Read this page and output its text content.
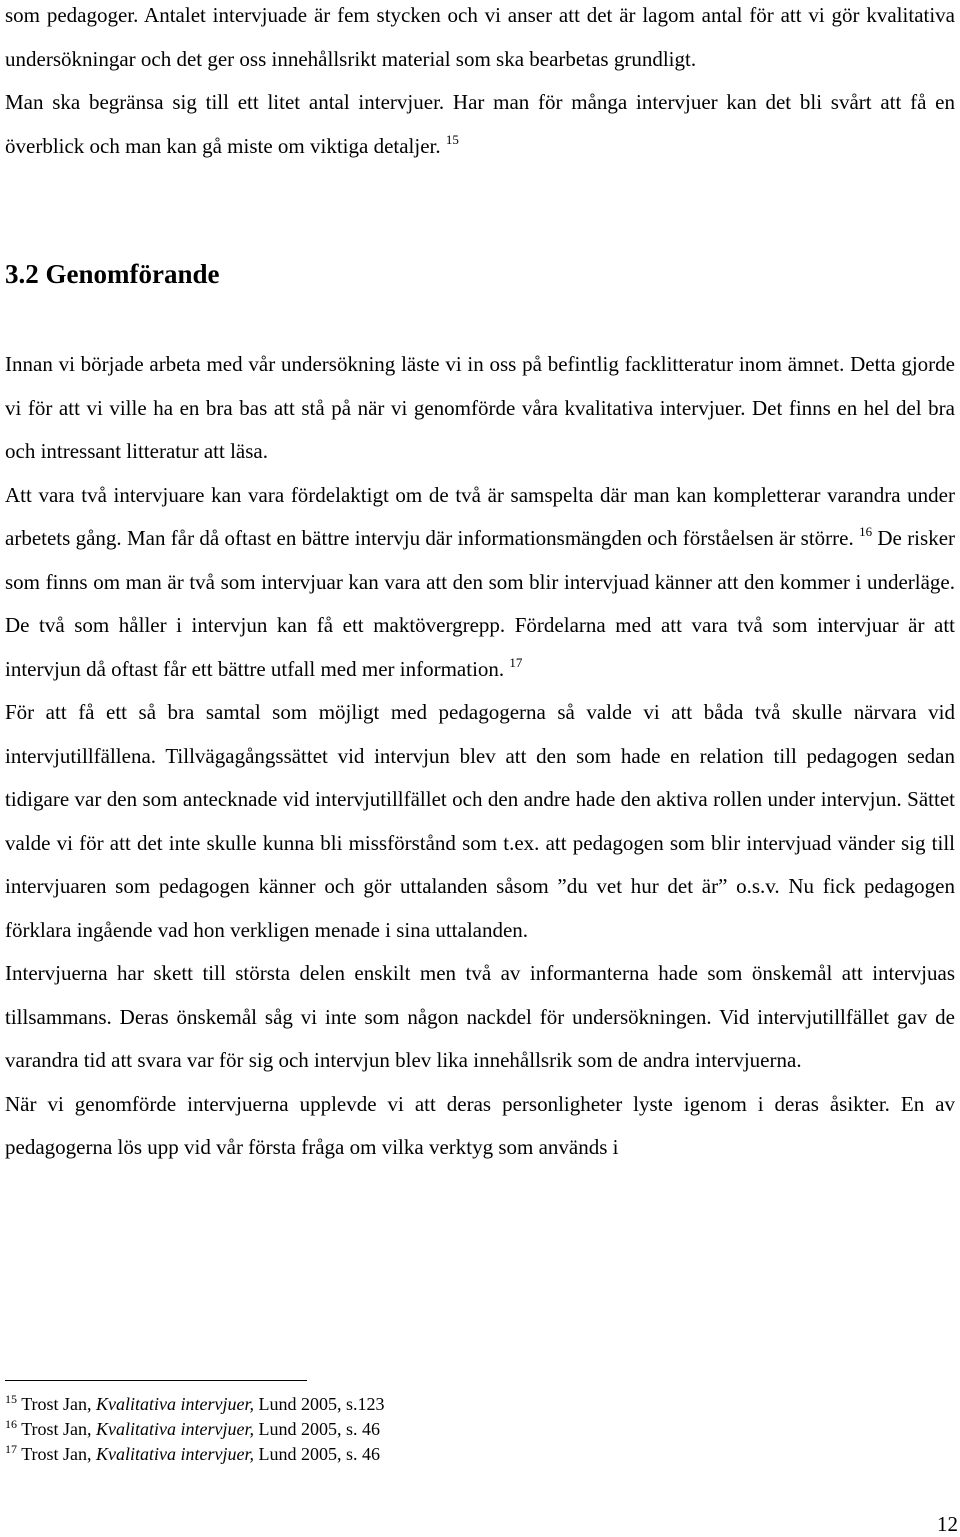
som pedagoger. Antalet intervjuade är fem stycken och vi anser att det är lagom antal för att vi gör kvalitativa undersökningar och det ger oss innehållsrikt material som ska bearbetas grundligt.

Man ska begränsa sig till ett litet antal intervjuer. Har man för många intervjuer kan det bli svårt att få en överblick och man kan gå miste om viktiga detaljer. $^{15}$

3.2 Genomförande

Innan vi började arbeta med vår undersökning läste vi in oss på befintlig facklitteratur inom ämnet. Detta gjorde vi för att vi ville ha en bra bas att stå på när vi genomförde våra kvalitativa intervjuer. Det finns en hel del bra och intressant litteratur att läsa.

Att vara två intervjuare kan vara fördelaktigt om de två är samspelta där man kan kompletterar varandra under arbetets gång. Man får då oftast en bättre intervju där informationsmängden och förståelsen är större. $^{16}$ De risker som finns om man är två som intervjuar kan vara att den som blir intervjuad känner att den kommer i underläge. De två som håller i intervjun kan få ett maktövergrepp. Fördelarna med att vara två som intervjuar är att intervjun då oftast får ett bättre utfall med mer information. $^{17}$

För att få ett så bra samtal som möjligt med pedagogerna så valde vi att båda två skulle närvara vid intervjutillfällena. Tillvägagångssättet vid intervjun blev att den som hade en relation till pedagogen sedan tidigare var den som antecknade vid intervjutillfället och den andre hade den aktiva rollen under intervjun. Sättet valde vi för att det inte skulle kunna bli missförstånd som t.ex. att pedagogen som blir intervjuad vänder sig till intervjuaren som pedagogen känner och gör uttalanden såsom ”du vet hur det är” o.s.v. Nu fick pedagogen förklara ingående vad hon verkligen menade i sina uttalanden.

Intervjuerna har skett till största delen enskilt men två av informanterna hade som önskemål att intervjuas tillsammans. Deras önskemål såg vi inte som någon nackdel för undersökningen. Vid intervjutillfället gav de varandra tid att svara var för sig och intervjun blev lika innehållsrik som de andra intervjuerna.

När vi genomförde intervjuerna upplevde vi att deras personligheter lyste igenom i deras åsikter. En av pedagogerna lös upp vid vår första fråga om vilka verktyg som används i

$^{15}$ Trost Jan, Kvalitativa intervjuer, Lund 2005, s.123

$^{16}$ Trost Jan, Kvalitativa intervjuer, Lund 2005, s. 46

$^{17}$ Trost Jan, Kvalitativa intervjuer, Lund 2005, s. 46

12
